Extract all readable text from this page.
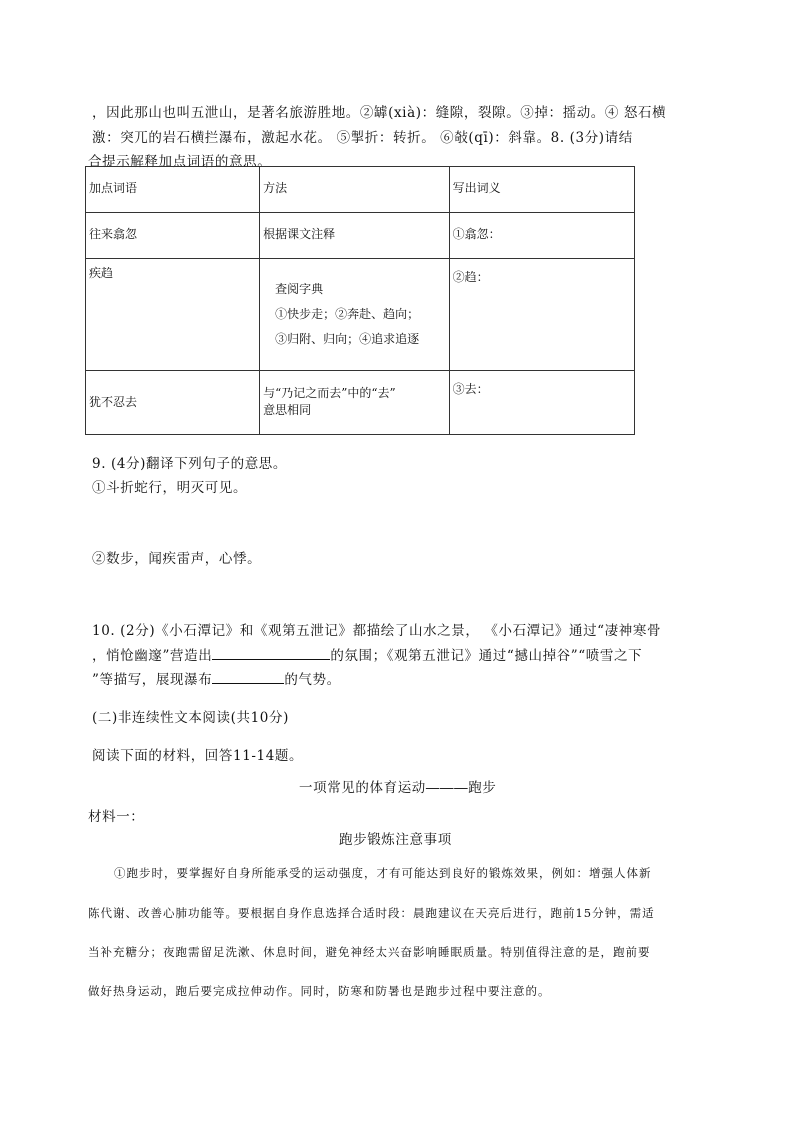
，因此那山也叫五泄山，是著名旅游胜地。②罅(xià)：缝隙，裂隙。③掉：摇动。④ 怒石横
激：突兀的岩石横拦瀑布，激起水花。 ⑤掣折：转折。 ⑥敧(qī)：斜靠。8. (3分)请结
合提示解释加点词语的意思。
加点词语	方法	写出词义
往来翕忽	根据课文注释	①翕忽：
疾趋	查阅字典
①快步走；②奔赴、趋向；
③归附、归向；④追求追逐	②趋：
犹不忍去	与“乃记之而去”中的“去”
意思相同	③去：
9. (4分)翻译下列句子的意思。
①斗折蛇行，明灭可见。
②数步，闻疾雷声，心悸。
10. (2分)《小石潭记》和《观第五泄记》都描绘了山水之景， 《小石潭记》通过“凄神寒骨
，悄怆幽邃”营造出	的氛围；《观第五泄记》通过“撼山掉谷”“喷雪之下
”等描写，展现瀑布	的气势。
(二)非连续性文本阅读(共10分)
阅读下面的材料，回答11-14题。
一项常见的体育运动———跑步
材料一：
跑步锻炼注意事项
①跑步时，要掌握好自身所能承受的运动强度，才有可能达到良好的锻炼效果，例如：增强人体新
陈代谢、改善心肺功能等。要根据自身作息选择合适时段：晨跑建议在天亮后进行，跑前15分钟，需适
当补充糖分；夜跑需留足洗漱、休息时间，避免神经太兴奋影响睡眠质量。特别值得注意的是，跑前要
做好热身运动，跑后要完成拉伸动作。同时，防寒和防暑也是跑步过程中要注意的。
